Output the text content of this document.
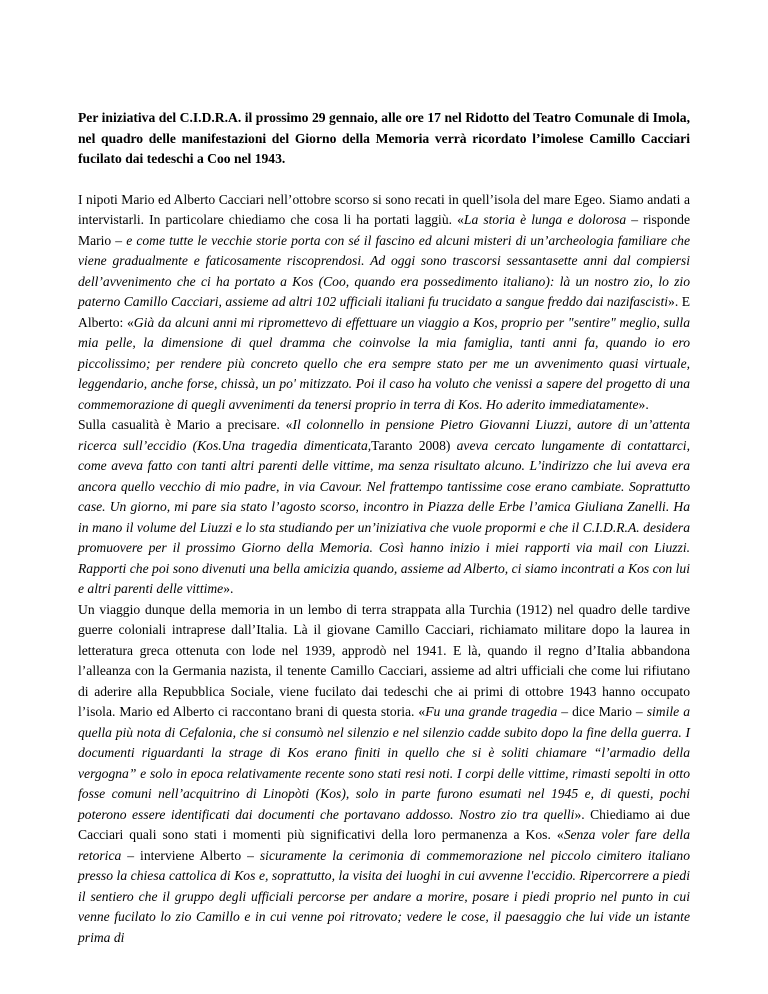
Per iniziativa del C.I.D.R.A. il prossimo 29 gennaio, alle ore 17 nel Ridotto del Teatro Comunale di Imola, nel quadro delle manifestazioni del Giorno della Memoria verrà ricordato l’imolese Camillo Cacciari fucilato dai tedeschi a Coo nel 1943.

I nipoti Mario ed Alberto Cacciari nell’ottobre scorso si sono recati in quell’isola del mare Egeo. Siamo andati a intervistarli. In particolare chiediamo che cosa li ha portati laggiù. «La storia è lunga e dolorosa – risponde Mario – e come tutte le vecchie storie porta con sé il fascino ed alcuni misteri di un’archeologia familiare che viene gradualmente e faticosamente riscoprendosi. Ad oggi sono trascorsi sessantasette anni dal compiersi dell’avvenimento che ci ha portato a Kos (Coo, quando era possedimento italiano): là un nostro zio, lo zio paterno Camillo Cacciari, assieme ad altri 102 ufficiali italiani fu trucidato a sangue freddo dai nazifascisti». E Alberto: «Già da alcuni anni mi ripromettevo di effettuare un viaggio a Kos, proprio per "sentire" meglio, sulla mia pelle, la dimensione di quel dramma che coinvolse la mia famiglia, tanti anni fa, quando io ero piccolissimo; per rendere più concreto quello che era sempre stato per me un avvenimento quasi virtuale, leggendario, anche forse, chissà, un po' mitizzato. Poi il caso ha voluto che venissi a sapere del progetto di una commemorazione di quegli avvenimenti da tenersi proprio in terra di Kos. Ho aderito immediatamente».

Sulla casualità è Mario a precisare. «Il colonnello in pensione Pietro Giovanni Liuzzi, autore di un’attenta ricerca sull’eccidio (Kos.Una tragedia dimenticata,Taranto 2008) aveva cercato lungamente di contattarci, come aveva fatto con tanti altri parenti delle vittime, ma senza risultato alcuno. L’indirizzo che lui aveva era ancora quello vecchio di mio padre, in via Cavour. Nel frattempo tantissime cose erano cambiate. Soprattutto case. Un giorno, mi pare sia stato l’agosto scorso, incontro in Piazza delle Erbe l’amica Giuliana Zanelli. Ha in mano il volume del Liuzzi e lo sta studiando per un’iniziativa che vuole propormi e che il C.I.D.R.A. desidera promuovere per il prossimo Giorno della Memoria. Così hanno inizio i miei rapporti via mail con Liuzzi. Rapporti che poi sono divenuti una bella amicizia quando, assieme ad Alberto, ci siamo incontrati a Kos con lui e altri parenti delle vittime».

Un viaggio dunque della memoria in un lembo di terra strappata alla Turchia (1912) nel quadro delle tardive guerre coloniali intraprese dall’Italia. Là il giovane Camillo Cacciari, richiamato militare dopo la laurea in letteratura greca ottenuta con lode nel 1939, approdò nel 1941. E là, quando il regno d’Italia abbandona l’alleanza con la Germania nazista, il tenente Camillo Cacciari, assieme ad altri ufficiali che come lui rifiutano di aderire alla Repubblica Sociale, viene fucilato dai tedeschi che ai primi di ottobre 1943 hanno occupato l’isola. Mario ed Alberto ci raccontano brani di questa storia. «Fu una grande tragedia – dice Mario – simile a quella più nota di Cefalonia, che si consumò nel silenzio e nel silenzio cadde subito dopo la fine della guerra. I documenti riguardanti la strage di Kos erano finiti in quello che si è soliti chiamare “l’armadio della vergogna” e solo in epoca relativamente recente sono stati resi noti. I corpi delle vittime, rimasti sepolti in otto fosse comuni nell’acquitrino di Linopòti (Kos), solo in parte furono esumati nel 1945 e, di questi, pochi poterono essere identificati dai documenti che portavano addosso. Nostro zio tra quelli». Chiediamo ai due Cacciari quali sono stati i momenti più significativi della loro permanenza a Kos. «Senza voler fare della retorica – interviene Alberto – sicuramente la cerimonia di commemorazione nel piccolo cimitero italiano presso la chiesa cattolica di Kos e, soprattutto, la visita dei luoghi in cui avvenne l'eccidio. Ripercorrere a piedi il sentiero che il gruppo degli ufficiali percorse per andare a morire, posare i piedi proprio nel punto in cui venne fucilato lo zio Camillo e in cui venne poi ritrovato; vedere le cose, il paesaggio che lui vide un istante prima di
